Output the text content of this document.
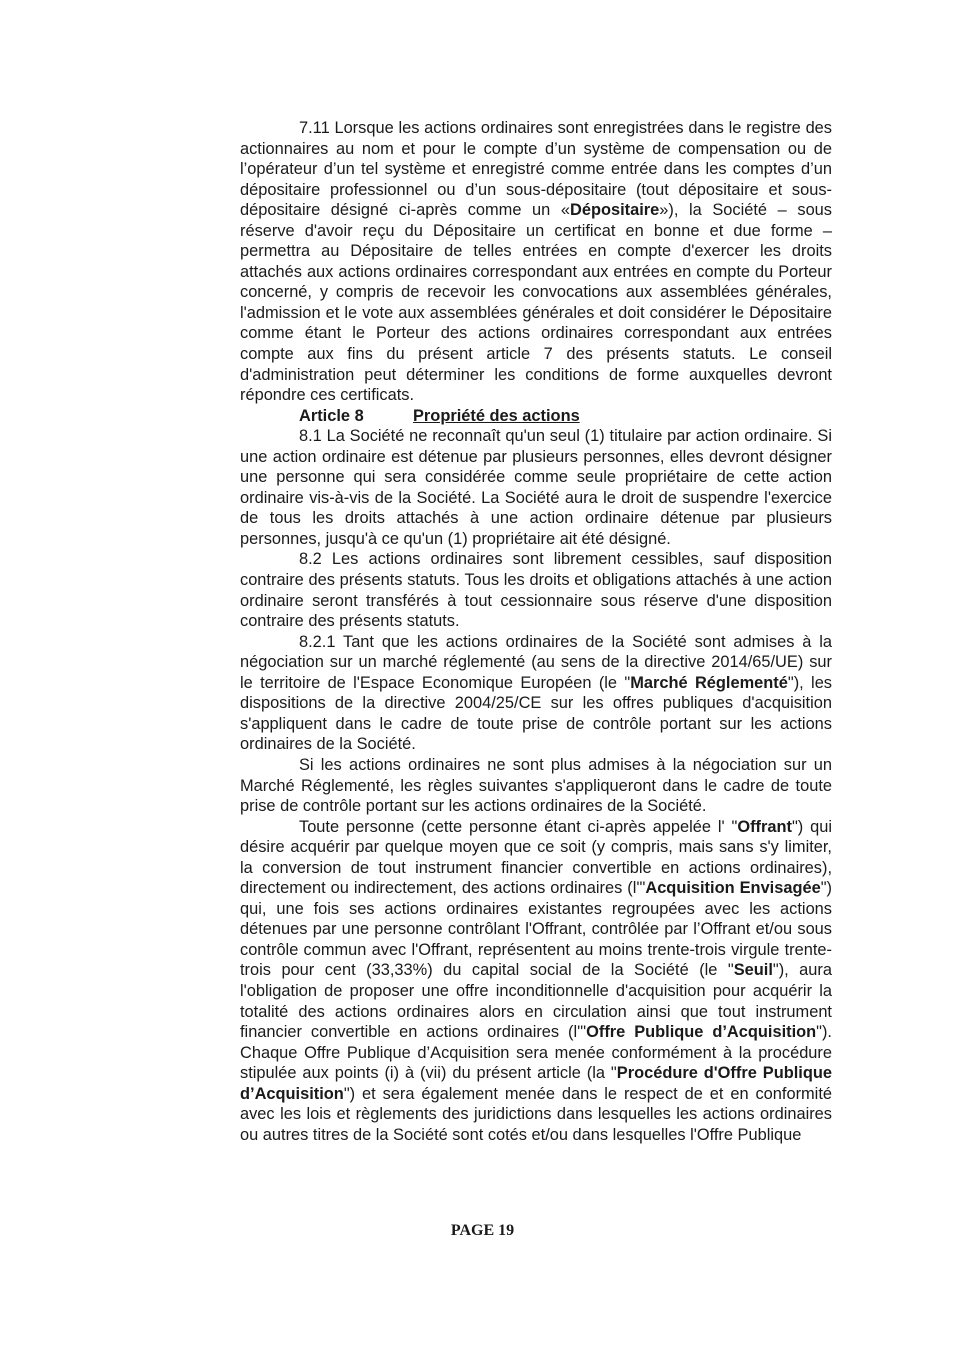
7.11 Lorsque les actions ordinaires sont enregistrées dans le registre des actionnaires au nom et pour le compte d’un système de compensation ou de l’opérateur d’un tel système et enregistré comme entrée dans les comptes d’un dépositaire professionnel ou d’un sous-dépositaire (tout dépositaire et sous-dépositaire désigné ci-après comme un «Dépositaire»), la Société – sous réserve d'avoir reçu du Dépositaire un certificat en bonne et due forme – permettra au Dépositaire de telles entrées en compte d'exercer les droits attachés aux actions ordinaires correspondant aux entrées en compte du Porteur concerné, y compris de recevoir les convocations aux assemblées générales, l'admission et le vote aux assemblées générales et doit considérer le Dépositaire comme étant le Porteur des actions ordinaires correspondant aux entrées compte aux fins du présent article 7 des présents statuts. Le conseil d'administration peut déterminer les conditions de forme auxquelles devront répondre ces certificats.

Article 8	Propriété des actions

8.1 La Société ne reconnaît qu'un seul (1) titulaire par action ordinaire. Si une action ordinaire est détenue par plusieurs personnes, elles devront désigner une personne qui sera considérée comme seule propriétaire de cette action ordinaire vis-à-vis de la Société. La Société aura le droit de suspendre l'exercice de tous les droits attachés à une action ordinaire détenue par plusieurs personnes, jusqu'à ce qu'un (1) propriétaire ait été désigné.

8.2 Les actions ordinaires sont librement cessibles, sauf disposition contraire des présents statuts. Tous les droits et obligations attachés à une action ordinaire seront transférés à tout cessionnaire sous réserve d'une disposition contraire des présents statuts.

8.2.1 Tant que les actions ordinaires de la Société sont admises à la négociation sur un marché réglementé (au sens de la directive 2014/65/UE) sur le territoire de l'Espace Economique Européen (le "Marché Réglementé"), les dispositions de la directive 2004/25/CE sur les offres publiques d'acquisition s'appliquent dans le cadre de toute prise de contrôle portant sur les actions ordinaires de la Société.

Si les actions ordinaires ne sont plus admises à la négociation sur un Marché Réglementé, les règles suivantes s'appliqueront dans le cadre de toute prise de contrôle portant sur les actions ordinaires de la Société.

Toute personne (cette personne étant ci-après appelée l' "Offrant") qui désire acquérir par quelque moyen que ce soit (y compris, mais sans s'y limiter, la conversion de tout instrument financier convertible en actions ordinaires), directement ou indirectement, des actions ordinaires (l'"Acquisition Envisagée") qui, une fois ses actions ordinaires existantes regroupées avec les actions détenues par une personne contrôlant l'Offrant, contrôlée par l’Offrant et/ou sous contrôle commun avec l'Offrant, représentent au moins trente-trois virgule trente-trois pour cent (33,33%) du capital social de la Société (le "Seuil"), aura l'obligation de proposer une offre inconditionnelle d'acquisition pour acquérir la totalité des actions ordinaires alors en circulation ainsi que tout instrument financier convertible en actions ordinaires (l'"Offre Publique d’Acquisition"). Chaque Offre Publique d’Acquisition sera menée conformément à la procédure stipulée aux points (i) à (vii) du présent article (la "Procédure d'Offre Publique d’Acquisition") et sera également menée dans le respect de et en conformité avec les lois et règlements des juridictions dans lesquelles les actions ordinaires ou autres titres de la Société sont cotés et/ou dans lesquelles l'Offre Publique

PAGE 19
